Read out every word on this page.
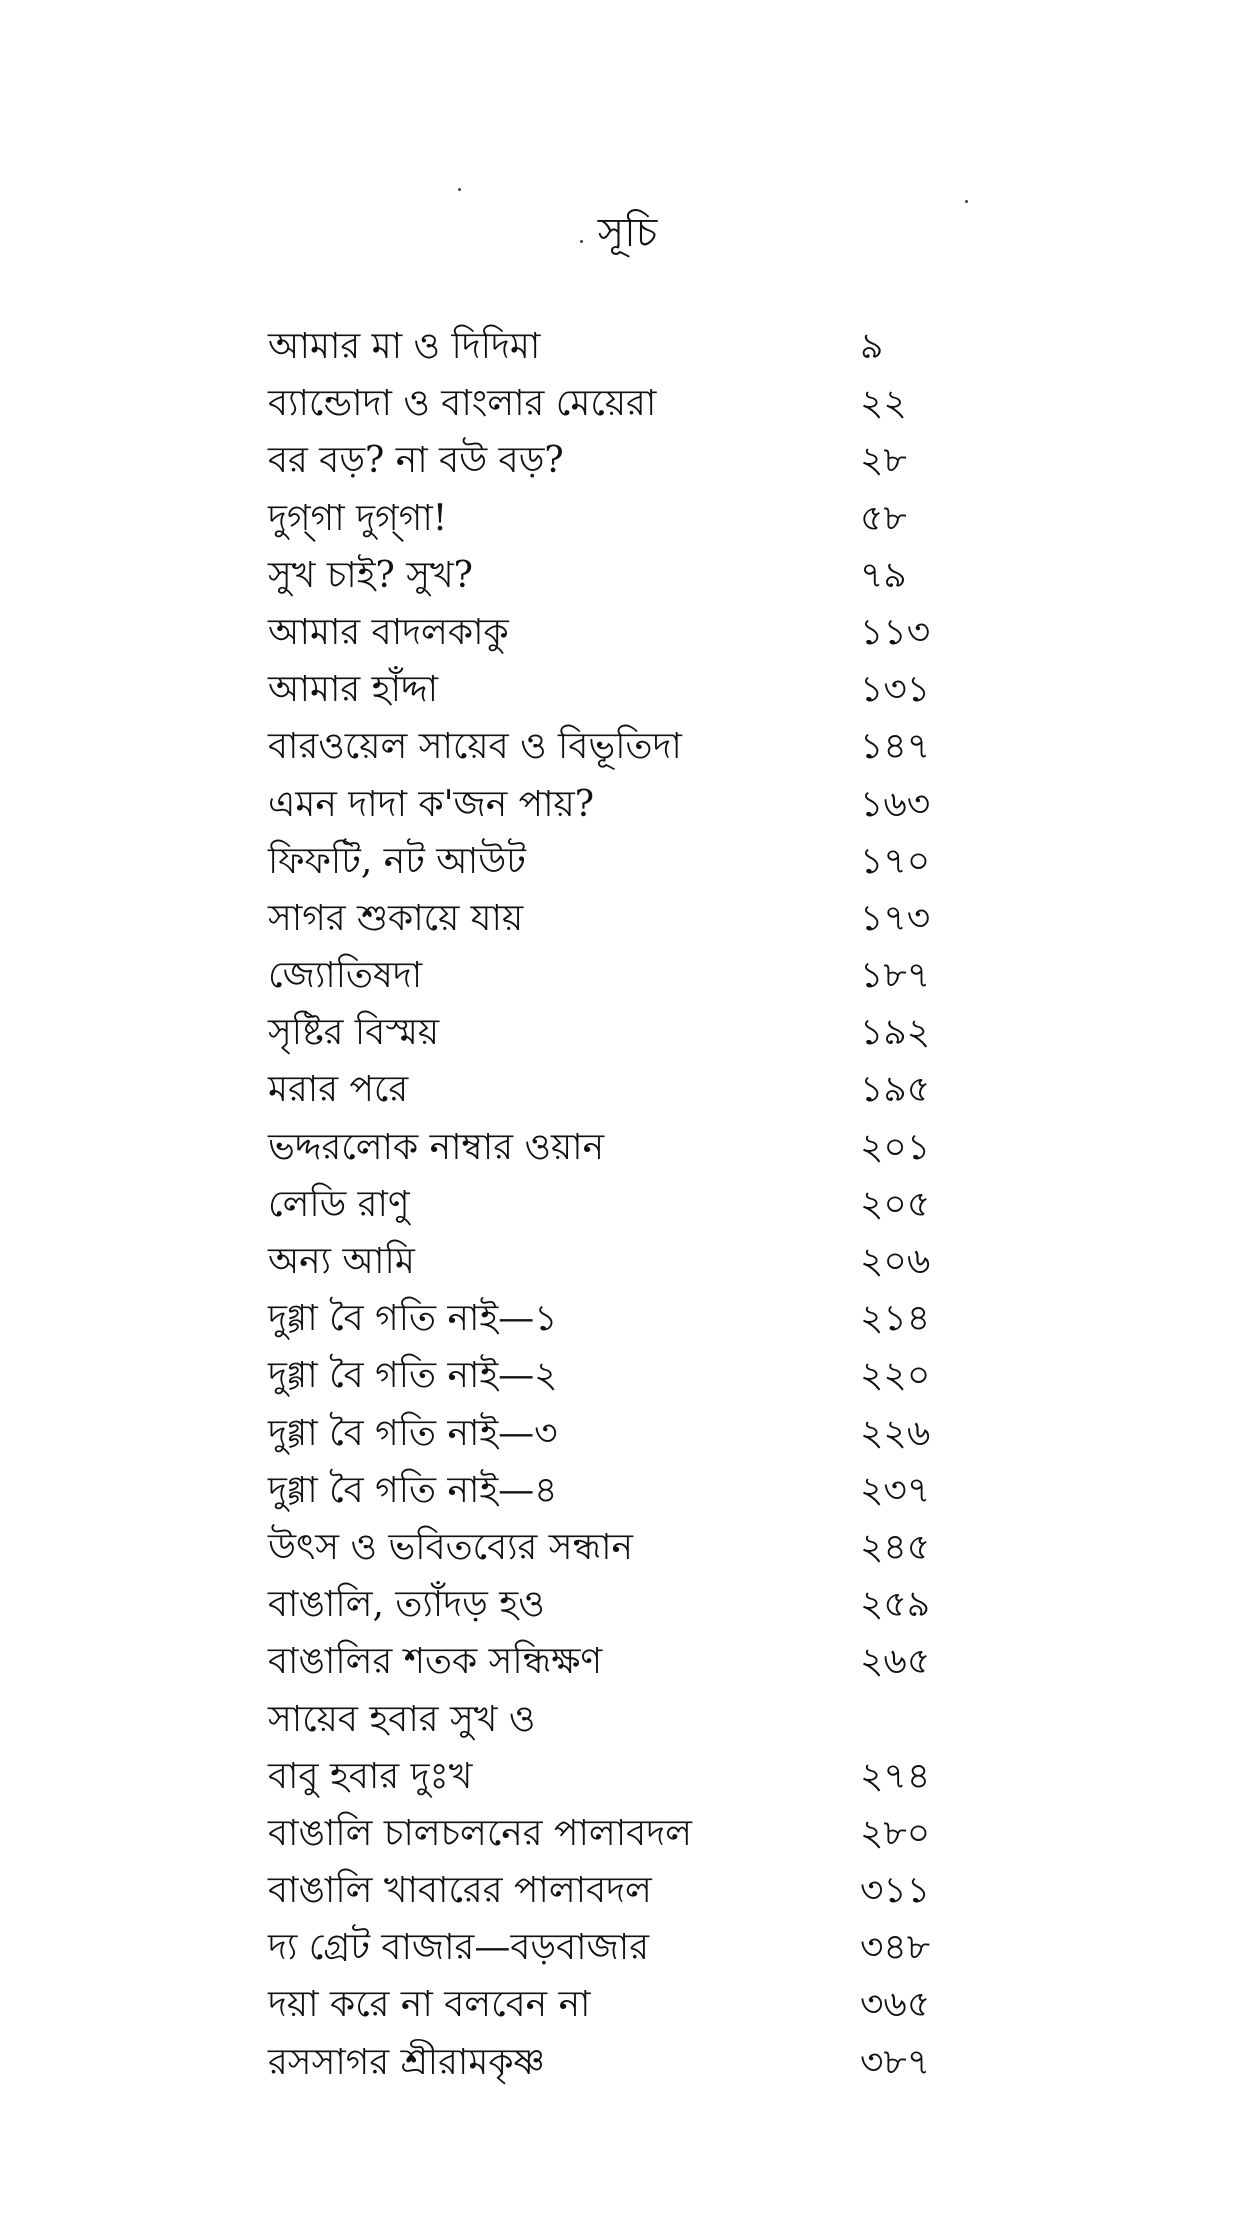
সূচি
আমার মা ও দিদিমা	৯
ব্যান্ডোদা ও বাংলার মেয়েরা	২২
বর বড়? না বউ বড়?	২৮
দুগ্‌গা দুগ্‌গা!	৫৮
সুখ চাই? সুখ?	৭৯
আমার বাদলকাকু	১১৩
আমার হাঁদ্দা	১৩১
বারওয়েল সায়েব ও বিভূতিদা	১৪৭
এমন দাদা ক'জন পায়?	১৬৩
ফিফটি, নট আউট	১৭০
সাগর শুকায়ে যায়	১৭৩
জ্যোতিষদা	১৮৭
সৃষ্টির বিস্ময়	১৯২
মরার পরে	১৯৫
ভদ্দরলোক নাম্বার ওয়ান	২০১
লেডি রাণু	২০৫
অন্য আমি	২০৬
দুগ্গা বৈ গতি নাই—১	২১৪
দুগ্গা বৈ গতি নাই—২	২২০
দুগ্গা বৈ গতি নাই—৩	২২৬
দুগ্গা বৈ গতি নাই—৪	২৩৭
উৎস ও ভবিতব্যের সন্ধান	২৪৫
বাঙালি, ত্যাঁদড় হও	২৫৯
বাঙালির শতক সন্ধিক্ষণ	২৬৫
সায়েব হবার সুখ ও
বাবু হবার দুঃখ	২৭৪
বাঙালি চালচলনের পালাবদল	২৮০
বাঙালি খাবারের পালাবদল	৩১১
দ্য গ্রেট বাজার—বড়বাজার	৩৪৮
দয়া করে না বলবেন না	৩৬৫
রসসাগর শ্রীরামকৃষ্ণ	৩৮৭
